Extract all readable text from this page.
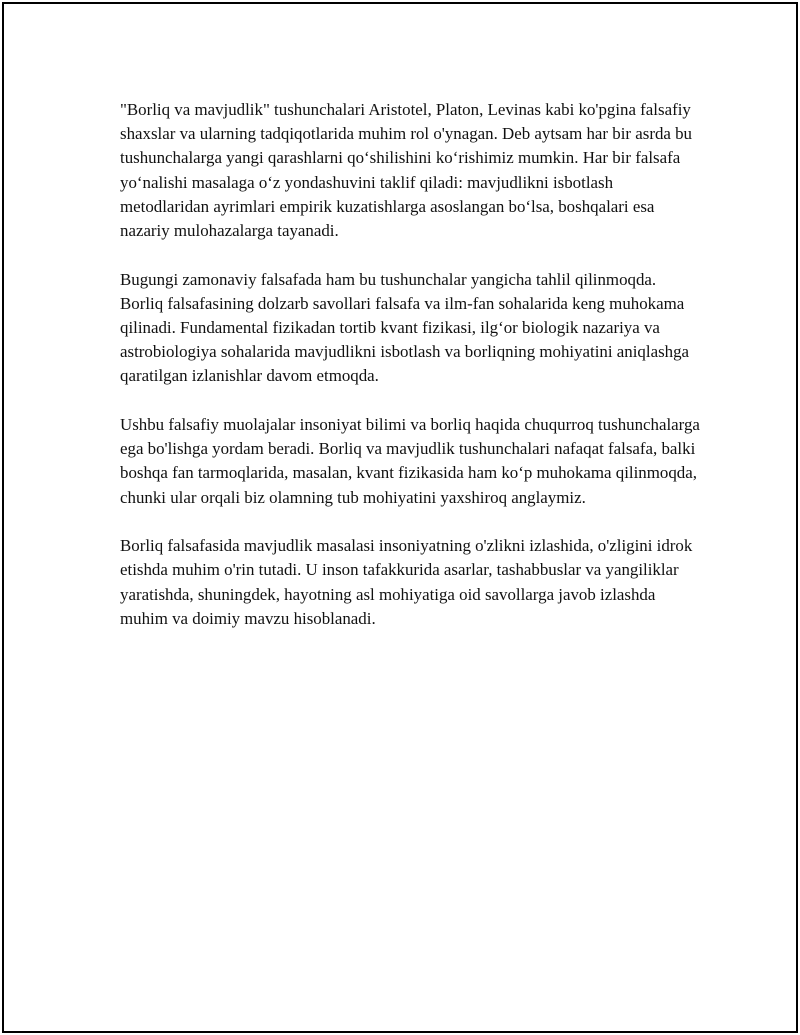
"Borliq va mavjudlik" tushunchalari Aristotel, Platon, Levinas kabi ko'pgina falsafiy shaxslar va ularning tadqiqotlarida muhim rol o'ynagan. Deb aytsam har bir asrda bu tushunchalarga yangi qarashlarni qo‘shilishini ko‘rishimiz mumkin. Har bir falsafa yo‘nalishi masalaga o‘z yondashuvini taklif qiladi: mavjudlikni isbotlash metodlaridan ayrimlari empirik kuzatishlarga asoslangan bo‘lsa, boshqalari esa nazariy mulohazalarga tayanadi.

Bugungi zamonaviy falsafada ham bu tushunchalar yangicha tahlil qilinmoqda. Borliq falsafasining dolzarb savollari falsafa va ilm-fan sohalarida keng muhokama qilinadi. Fundamental fizikadan tortib kvant fizikasi, ilg‘or biologik nazariya va astrobiologiya sohalarida mavjudlikni isbotlash va borliqning mohiyatini aniqlashga qaratilgan izlanishlar davom etmoqda.

Ushbu falsafiy muolajalar insoniyat bilimi va borliq haqida chuqurroq tushunchalarga ega bo'lishga yordam beradi. Borliq va mavjudlik tushunchalari nafaqat falsafa, balki boshqa fan tarmoqlarida, masalan, kvant fizikasida ham ko‘p muhokama qilinmoqda, chunki ular orqali biz olamning tub mohiyatini yaxshiroq anglaymiz.

Borliq falsafasida mavjudlik masalasi insoniyatning o'zlikni izlashida, o'zligini idrok etishda muhim o'rin tutadi. U inson tafakkurida asarlar, tashabbuslar va yangiliklar yaratishda, shuningdek, hayotning asl mohiyatiga oid savollarga javob izlashda muhim va doimiy mavzu hisoblanadi.
